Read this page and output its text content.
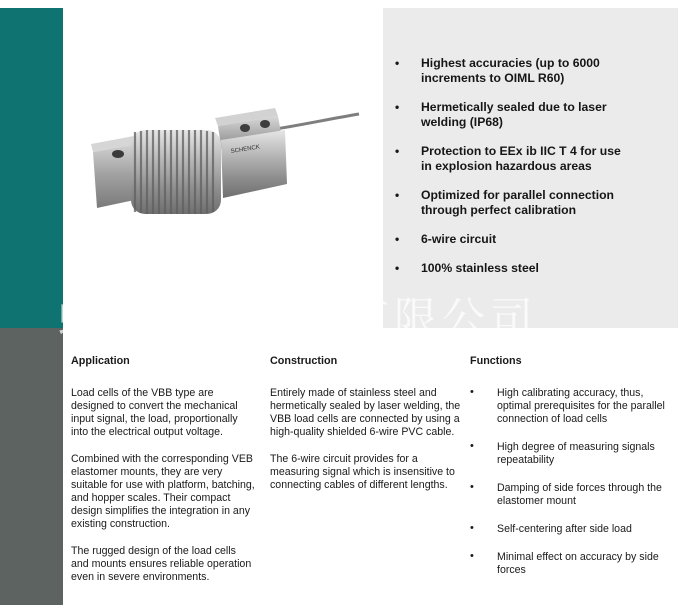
SCHENCK
• Highest accuracies (up to 6000
increments to OIML R60)
• Hermetically sealed due to laser
welding (IP68)
• Protection to EEx ib IIC T 4 for use
in explosion hazardous areas
• Optimized for parallel connection
through perfect calibration
• 6-wire circuit
• 100% stainless steel
蚌埠大和电气有限公司
Application

Load cells of the VBB type are designed to convert the mechanical input signal, the load, proportionally into the electrical output voltage.

Combined with the corresponding VEB elastomer mounts, they are very suitable for use with platform, batching, and hopper scales. Their compact design simplifies the integration in any existing construction.

The rugged design of the load cells and mounts ensures reliable operation even in severe environments.

Construction

Entirely made of stainless steel and hermetically sealed by laser welding, the VBB load cells are connected by using a high-quality shielded 6-wire PVC cable.

The 6-wire circuit provides for a measuring signal which is insensitive to connecting cables of different lengths.

Functions
• High calibrating accuracy, thus, optimal prerequisites for the parallel connection of load cells
• High degree of measuring signals repeatability
• Damping of side forces through the elastomer mount
• Self-centering after side load
• Minimal effect on accuracy by side forces
